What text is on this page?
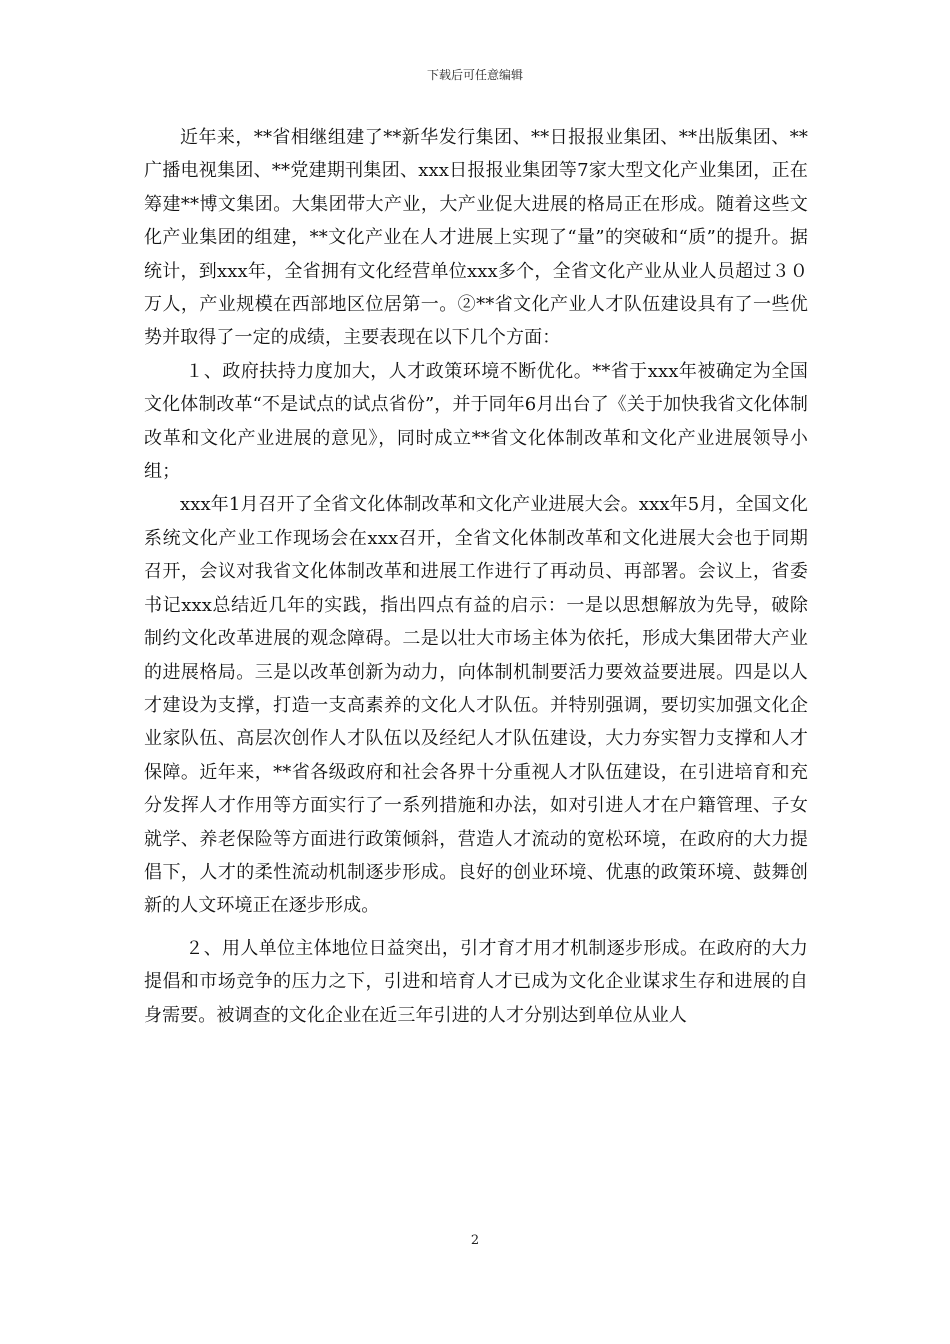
下载后可任意编辑

近年来，**省相继组建了**新华发行集团、**日报报业集团、**出版集团、**广播电视集团、**党建期刊集团、xxx日报报业集团等7家大型文化产业集团，正在筹建**博文集团。大集团带大产业，大产业促大进展的格局正在形成。随着这些文化产业集团的组建，**文化产业在人才进展上实现了“量”的突破和“质”的提升。据统计，到xxx年，全省拥有文化经营单位xxx多个，全省文化产业从业人员超过３０万人，产业规模在西部地区位居第一。②**省文化产业人才队伍建设具有了一些优势并取得了一定的成绩，主要表现在以下几个方面：

１、政府扶持力度加大，人才政策环境不断优化。**省于xxx年被确定为全国文化体制改革“不是试点的试点省份”，并于同年6月出台了《关于加快我省文化体制改革和文化产业进展的意见》，同时成立**省文化体制改革和文化产业进展领导小组；

xxx年1月召开了全省文化体制改革和文化产业进展大会。xxx年5月，全国文化系统文化产业工作现场会在xxx召开，全省文化体制改革和文化进展大会也于同期召开，会议对我省文化体制改革和进展工作进行了再动员、再部署。会议上，省委书记xxx总结近几年的实践，指出四点有益的启示：一是以思想解放为先导，破除制约文化改革进展的观念障碍。二是以壮大市场主体为依托，形成大集团带大产业的进展格局。三是以改革创新为动力，向体制机制要活力要效益要进展。四是以人才建设为支撑，打造一支高素养的文化人才队伍。并特别强调，要切实加强文化企业家队伍、高层次创作人才队伍以及经纪人才队伍建设，大力夯实智力支撑和人才保障。近年来，**省各级政府和社会各界十分重视人才队伍建设，在引进培育和充分发挥人才作用等方面实行了一系列措施和办法，如对引进人才在户籍管理、子女就学、养老保险等方面进行政策倾斜，营造人才流动的宽松环境，在政府的大力提倡下，人才的柔性流动机制逐步形成。良好的创业环境、优惠的政策环境、鼓舞创新的人文环境正在逐步形成。

２、用人单位主体地位日益突出，引才育才用才机制逐步形成。在政府的大力提倡和市场竞争的压力之下，引进和培育人才已成为文化企业谋求生存和进展的自身需要。被调查的文化企业在近三年引进的人才分别达到单位从业人

2
